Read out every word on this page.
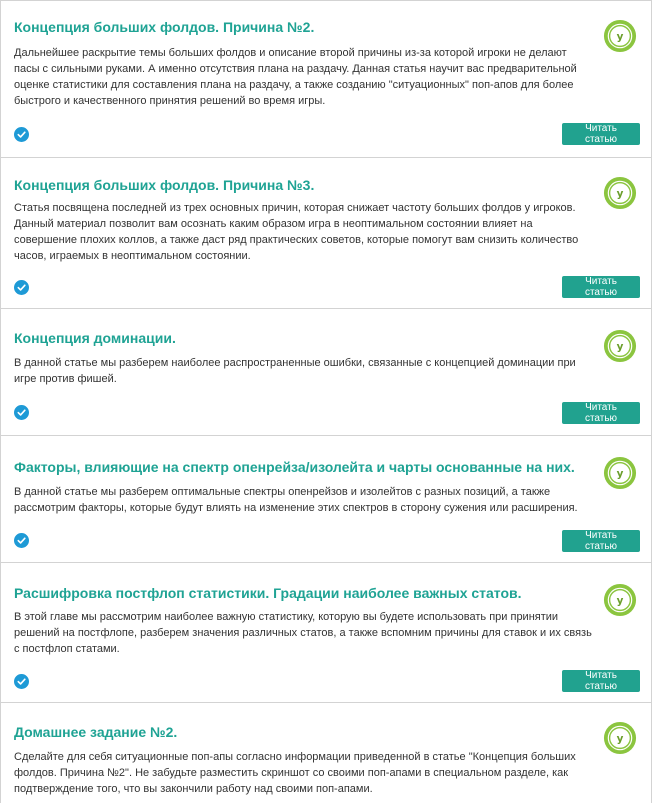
Концепция больших фолдов. Причина №2.
Дальнейшее раскрытие темы больших фолдов и описание второй причины из-за которой игроки не делают пасы с сильными руками. А именно отсутствия плана на раздачу. Данная статья научит вас предварительной оценке статистики для составления плана на раздачу, а также созданию "ситуационных" поп-апов для более быстрого и качественного принятия решений во время игры.
Читать статью
у
Концепция больших фолдов. Причина №3.
Статья посвящена последней из трех основных причин, которая снижает частоту больших фолдов у игроков. Данный материал позволит вам осознать каким образом игра в неоптимальном состоянии влияет на совершение плохих коллов, а также даст ряд практических советов, которые помогут вам снизить количество часов, играемых в неоптимальном состоянии.
Читать статью
у
Концепция доминации.
В данной статье мы разберем наиболее распространенные ошибки, связанные с концепцией доминации при игре против фишей.
Читать статью
у
Факторы, влияющие на спектр опенрейза/изолейта и чарты основанные на них.
В данной статье мы разберем оптимальные спектры опенрейзов и изолейтов с разных позиций, а также рассмотрим факторы, которые будут влиять на изменение этих спектров в сторону сужения или расширения.
Читать статью
у
Расшифровка постфлоп статистики. Градации наиболее важных статов.
В этой главе мы рассмотрим наиболее важную статистику, которую вы будете использовать при принятии решений на постфлопе, разберем значения различных статов, а также вспомним причины для ставок и их связь с постфлоп статами.
Читать статью
у
Домашнее задание №2.
Сделайте для себя ситуационные поп-апы согласно информации приведенной в статье "Концепция больших фолдов. Причина №2". Не забудьте разместить скриншот со своими поп-апами в специальном разделе, как подтверждение того, что вы закончили работу над своими поп-апами.
у
